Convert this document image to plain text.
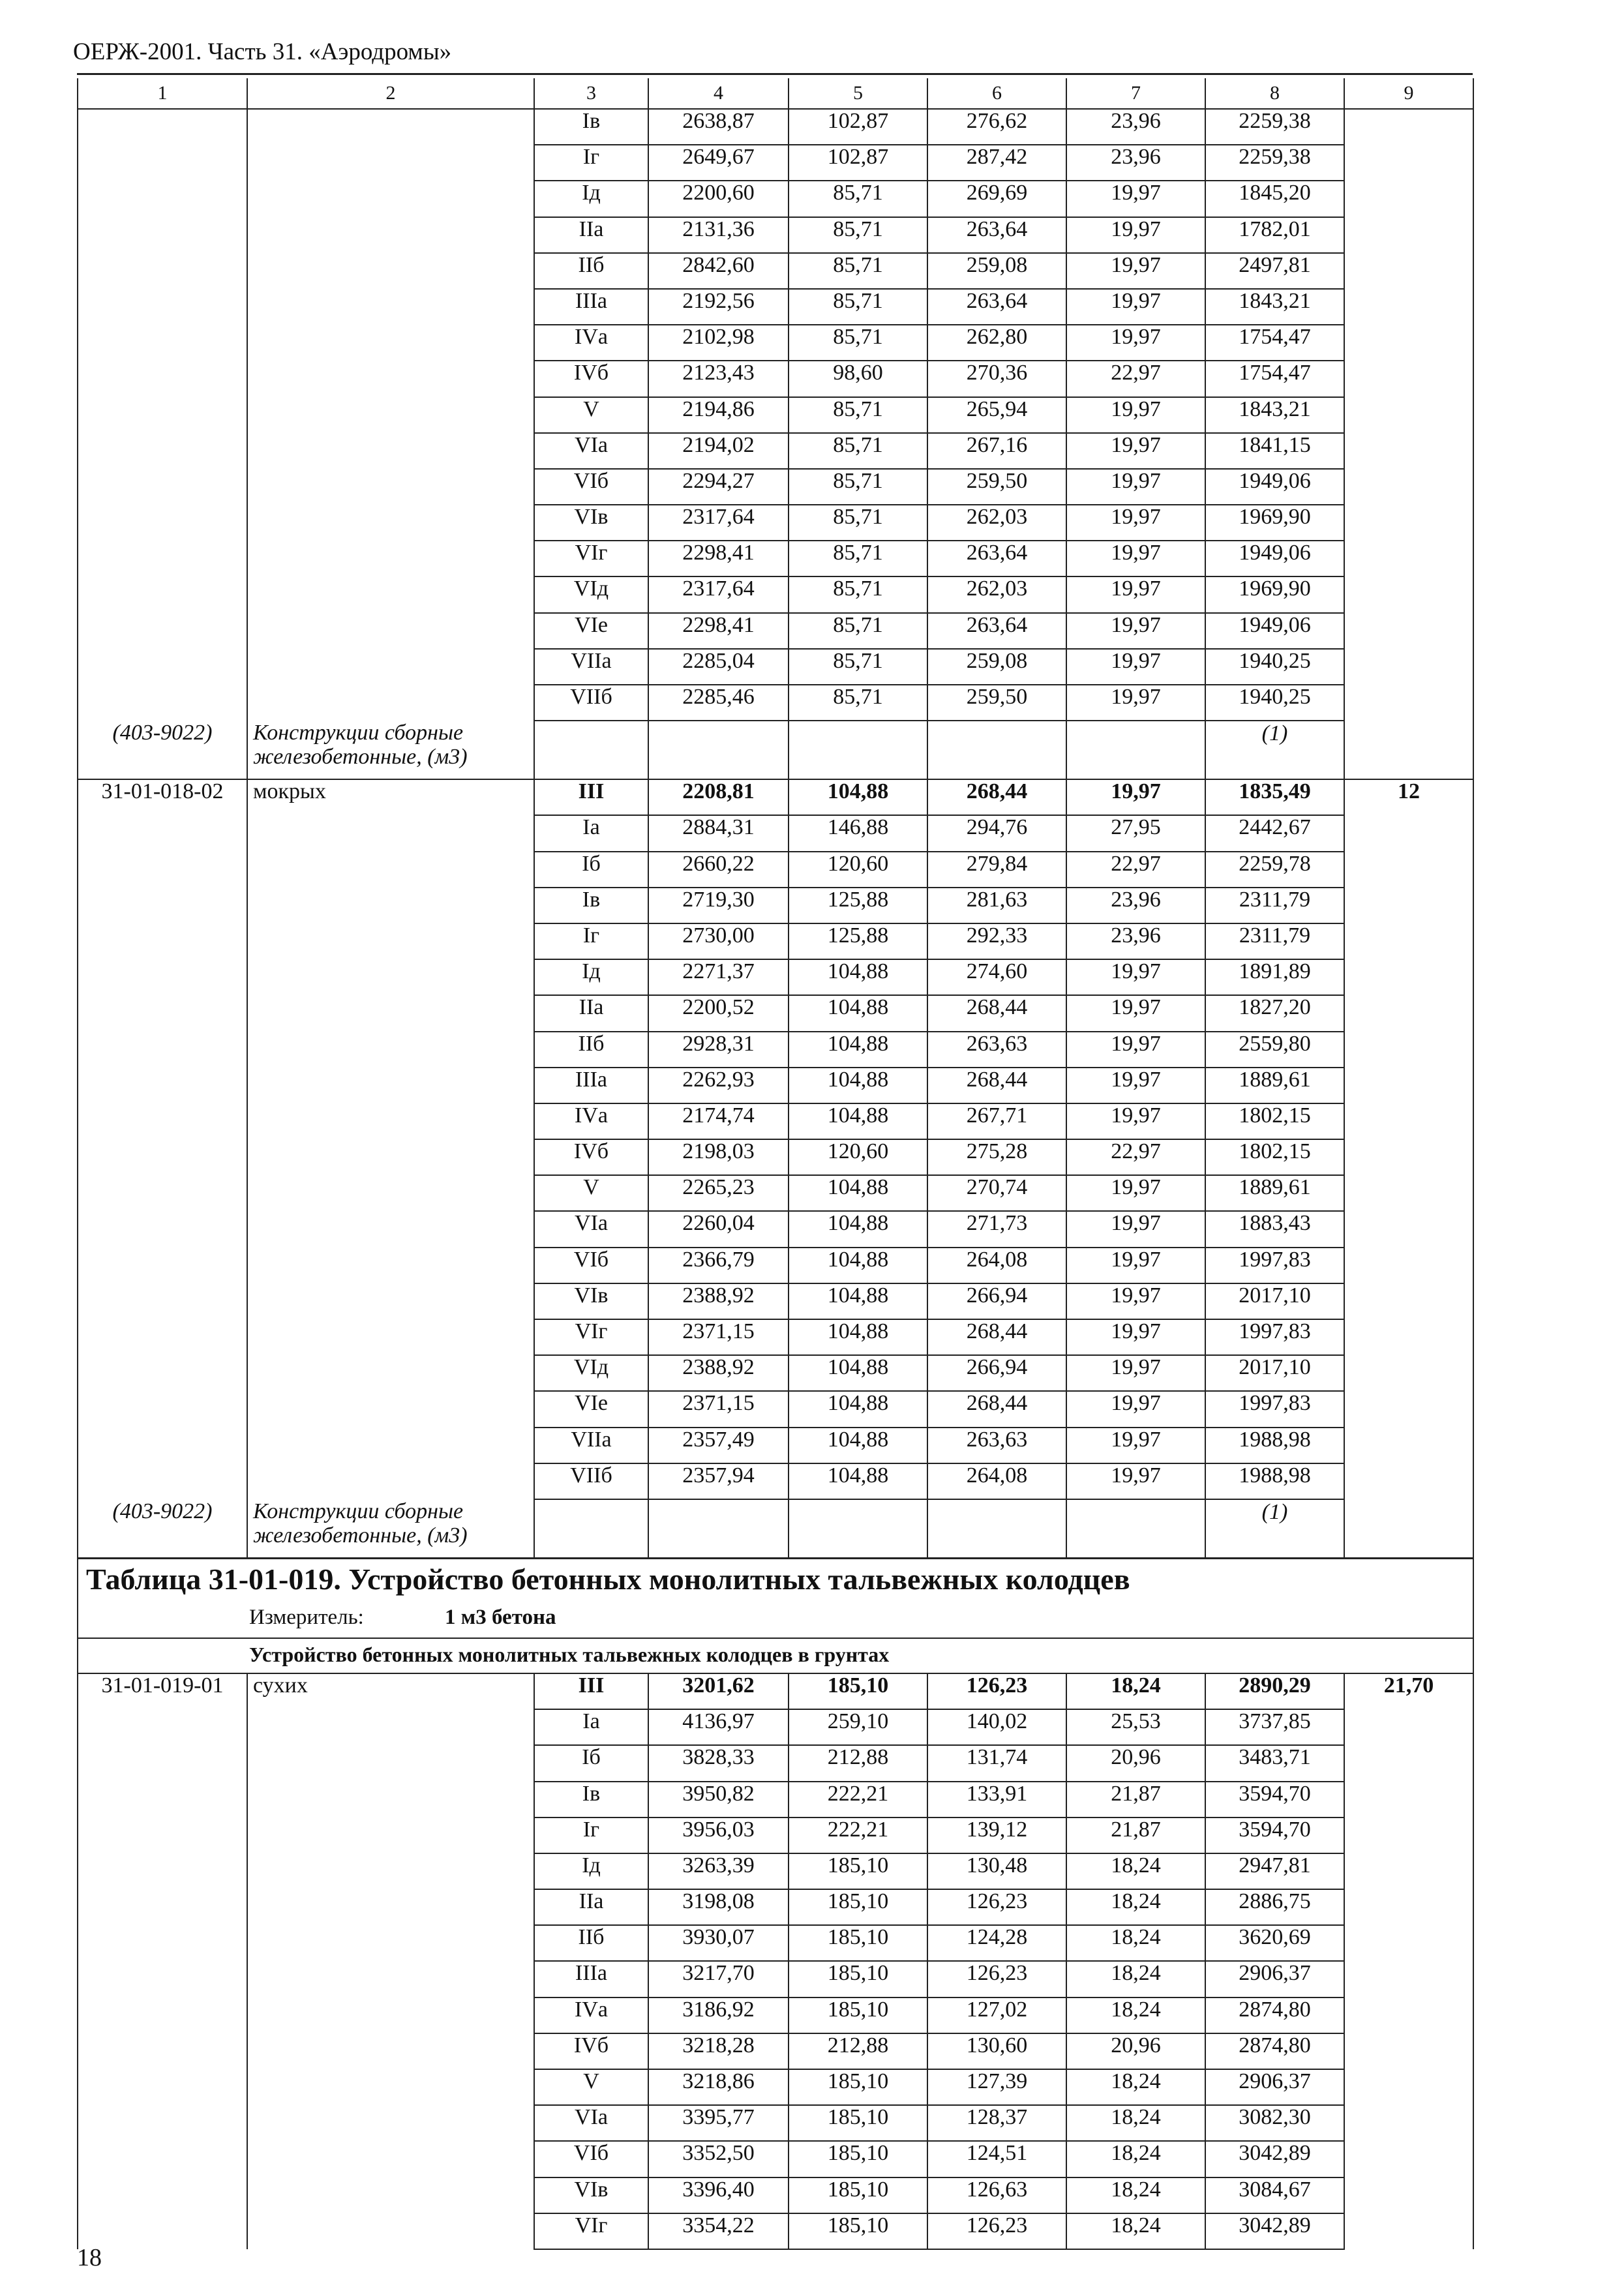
ОЕРЖ-2001. Часть 31. «Аэродромы»
1	2	3	4	5	6	7	8	9
		Iв	2638,87	102,87	276,62	23,96	2259,38	
		Iг	2649,67	102,87	287,42	23,96	2259,38	
		Iд	2200,60	85,71	269,69	19,97	1845,20	
		IIа	2131,36	85,71	263,64	19,97	1782,01	
		IIб	2842,60	85,71	259,08	19,97	2497,81	
		IIIа	2192,56	85,71	263,64	19,97	1843,21	
		IVа	2102,98	85,71	262,80	19,97	1754,47	
		IVб	2123,43	98,60	270,36	22,97	1754,47	
		V	2194,86	85,71	265,94	19,97	1843,21	
		VIа	2194,02	85,71	267,16	19,97	1841,15	
		VIб	2294,27	85,71	259,50	19,97	1949,06	
		VIв	2317,64	85,71	262,03	19,97	1969,90	
		VIг	2298,41	85,71	263,64	19,97	1949,06	
		VIд	2317,64	85,71	262,03	19,97	1969,90	
		VIе	2298,41	85,71	263,64	19,97	1949,06	
		VIIа	2285,04	85,71	259,08	19,97	1940,25	
		VIIб	2285,46	85,71	259,50	19,97	1940,25	
(403-9022)	Конструкции сборные железобетонные, (м3)						(1)	
31-01-018-02	мокрых	III	2208,81	104,88	268,44	19,97	1835,49	12
		Iа	2884,31	146,88	294,76	27,95	2442,67	
		Iб	2660,22	120,60	279,84	22,97	2259,78	
		Iв	2719,30	125,88	281,63	23,96	2311,79	
		Iг	2730,00	125,88	292,33	23,96	2311,79	
		Iд	2271,37	104,88	274,60	19,97	1891,89	
		IIа	2200,52	104,88	268,44	19,97	1827,20	
		IIб	2928,31	104,88	263,63	19,97	2559,80	
		IIIа	2262,93	104,88	268,44	19,97	1889,61	
		IVа	2174,74	104,88	267,71	19,97	1802,15	
		IVб	2198,03	120,60	275,28	22,97	1802,15	
		V	2265,23	104,88	270,74	19,97	1889,61	
		VIа	2260,04	104,88	271,73	19,97	1883,43	
		VIб	2366,79	104,88	264,08	19,97	1997,83	
		VIв	2388,92	104,88	266,94	19,97	2017,10	
		VIг	2371,15	104,88	268,44	19,97	1997,83	
		VIд	2388,92	104,88	266,94	19,97	2017,10	
		VIе	2371,15	104,88	268,44	19,97	1997,83	
		VIIа	2357,49	104,88	263,63	19,97	1988,98	
		VIIб	2357,94	104,88	264,08	19,97	1988,98	
(403-9022)	Конструкции сборные железобетонные, (м3)						(1)	
Таблица 31-01-019. Устройство бетонных монолитных тальвежных колодцев								
Измеритель: 1 м3 бетона								
Устройство бетонных монолитных тальвежных колодцев в грунтах								
31-01-019-01	сухих	III	3201,62	185,10	126,23	18,24	2890,29	21,70
		Iа	4136,97	259,10	140,02	25,53	3737,85	
		Iб	3828,33	212,88	131,74	20,96	3483,71	
		Iв	3950,82	222,21	133,91	21,87	3594,70	
		Iг	3956,03	222,21	139,12	21,87	3594,70	
		Iд	3263,39	185,10	130,48	18,24	2947,81	
		IIа	3198,08	185,10	126,23	18,24	2886,75	
		IIб	3930,07	185,10	124,28	18,24	3620,69	
		IIIа	3217,70	185,10	126,23	18,24	2906,37	
		IVа	3186,92	185,10	127,02	18,24	2874,80	
		IVб	3218,28	212,88	130,60	20,96	2874,80	
		V	3218,86	185,10	127,39	18,24	2906,37	
		VIа	3395,77	185,10	128,37	18,24	3082,30	
		VIб	3352,50	185,10	124,51	18,24	3042,89	
		VIв	3396,40	185,10	126,63	18,24	3084,67	
		VIг	3354,22	185,10	126,23	18,24	3042,89	
18
